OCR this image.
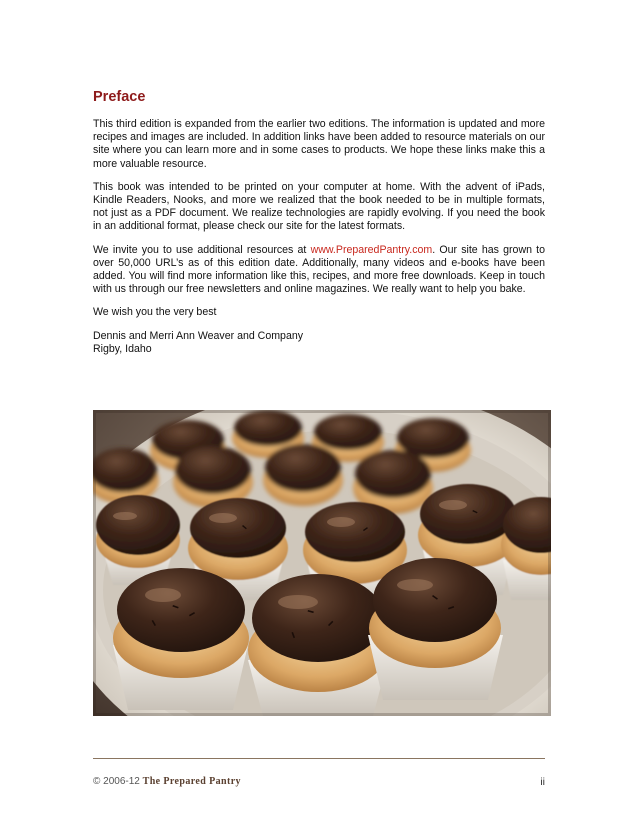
Preface

This third edition is expanded from the earlier two editions. The information is updated and more recipes and images are included. In addition links have been added to resource materials on our site where you can learn more and in some cases to products. We hope these links make this a more valuable resource.

This book was intended to be printed on your computer at home. With the advent of iPads, Kindle Readers, Nooks, and more we realized that the book needed to be in multiple formats, not just as a PDF document. We realize technologies are rapidly evolving. If you need the book in an additional format, please check our site for the latest formats.

We invite you to use additional resources at www.PreparedPantry.com. Our site has grown to over 50,000 URL’s as of this edition date. Additionally, many videos and e-books have been added. You will find more information like this, recipes, and more free downloads. Keep in touch with us through our free newsletters and online magazines. We really want to help you bake.

We wish you the very best

Dennis and Merri Ann Weaver and Company

Rigby, Idaho

© 2006-12 The Prepared Pantry	ii
